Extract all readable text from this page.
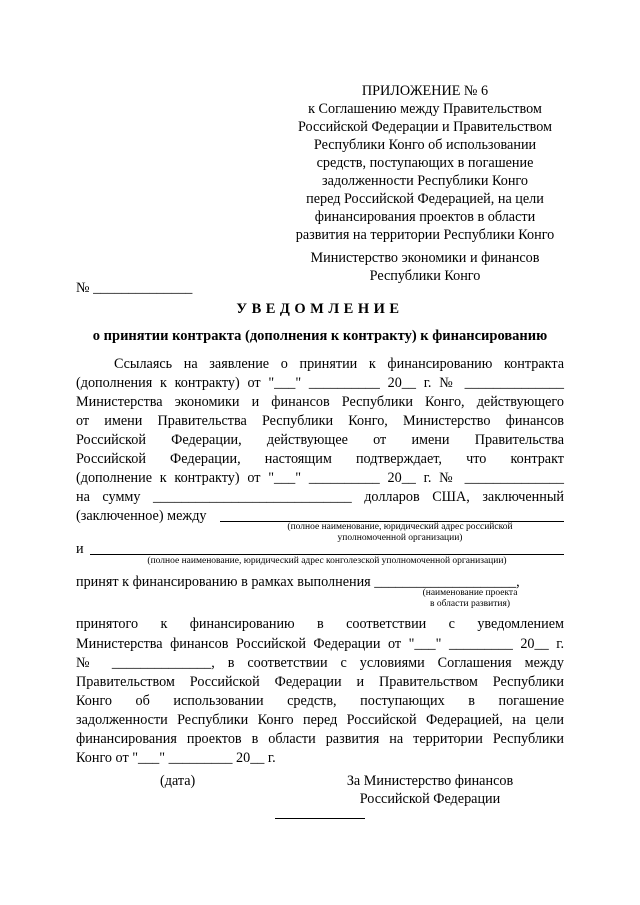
ПРИЛОЖЕНИЕ № 6
к Соглашению между Правительством
Российской Федерации и Правительством
Республики Конго об использовании
средств, поступающих в погашение
задолженности Республики Конго
перед Российской Федерацией, на цели
финансирования проектов в области
развития на территории Республики Конго
Министерство экономики и финансов
Республики Конго
№ ______________
УВЕДОМЛЕНИЕ
о принятии контракта (дополнения к контракту) к финансированию
Ссылаясь на заявление о принятии к финансированию контракта
(дополнения к контракту) от "___" __________ 20__ г. № ______________
Министерства экономики и финансов Республики Конго, действующего
от имени Правительства Республики Конго, Министерство финансов
Российской Федерации, действующее от имени Правительства
Российской Федерации, настоящим подтверждает, что контракт
(дополнение к контракту) от "___" __________ 20__ г. № ______________
на сумму ____________________________ долларов США, заключенный
(заключенное) между
(полное наименование, юридический адрес российской
уполномоченной организации)
и
(полное наименование, юридический адрес конголезской уполномоченной организации)
принят к финансированию в рамках выполнения ____________________,
(наименование проекта
в области развития)
принятого к финансированию в соответствии с уведомлением
Министерства финансов Российской Федерации от "___" _________ 20__ г.
№ ______________, в соответствии с условиями Соглашения между
Правительством Российской Федерации и Правительством Республики
Конго об использовании средств, поступающих в погашение
задолженности Республики Конго перед Российской Федерацией, на цели
финансирования проектов в области развития на территории Республики
Конго от "___" _________ 20__ г.
(дата)	За Министерство финансов
Российской Федерации
